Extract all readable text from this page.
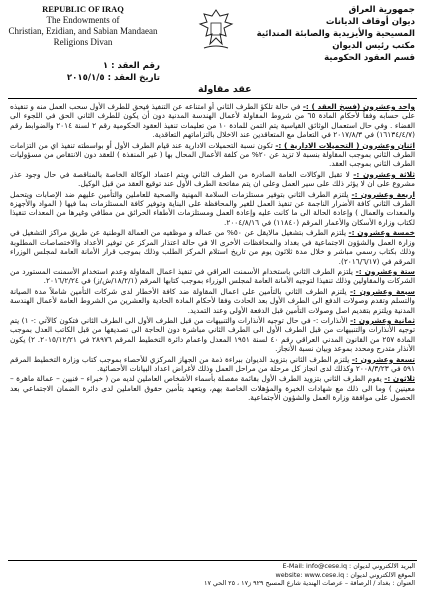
REPUBLIC OF IRAQ
The Endowments of
Christian, Ezidian, and Sabian Mandaean
Religions Divan
جمهورية العراق
ديوان أوقاف الديانات
المسيحية والأيزيدية والصابئة المندائية
مكتب رئيس الديوان
قسم العقود الحكومية
رقم العقد : ١
تاريخ العقد : ٢٠١٥/١/٥
عقد مقاولة

واحد وعشرون (فسخ العقد ) :- في حالة تلكؤ الطرف الثاني أو امتناعه عن التنفيذ فيحق للطرف الأول سحب العمل منه و تنفيذه على حسابه وفقاً لأحكام المادة ٦٥ من شروط المقاولة لأعمال الهندسة المدنية دون أن يكون للطرف الثاني الحق في اللجوء الى القضاء . وفي حال استعمال الوثائق القياسية يتم التمن للمادة ١٠ من تعليمات تنفيذ العقود الحكومية رقم ٢ لسنة ٢٠١٤ والضوابط رقم (١٦١٣٤/٤/٧) في ٢٠١٧/٨/٣ في التعامل مع المتعاقدين عند الاخلال بالتزاماتهم التعاقدية.

اثنان وعشرون ( التحميلات الادارية ) :- تكون نسبة التحميلات الادارية عند قيام الطرف الأول أو بواسطته تنفيذ اي من التزامات الطرف الثاني بموجب المقاولة بنسبة لا تزيد عن ٢٠% من كلفة الأعمال المحال بها ( غير المنفذة ) للعقد دون الانتقاص من مسؤوليات الطرف الثاني بموجب العقد.

ثلاثة وعشرون :- لا تقبل الوكالات العامة الصادرة من الطرف الثاني ويتم اعتماد الوكالة الخاصة بالمناقصة في حال وجود عذر مشروع على ان لا يؤثر ذلك على سير العمل وعلى ان يتم مفاتحة الطرف الأول عند توقيع العقد من قبل الوكيل.

اربعة وعشرون :- يلتزم الطرف الثاني بتوفير مستلزمات السلامة المهنية والصحية للعاملين والتأمين عليهم ضد الإصابات ويتحمل الطرف الثاني كافة الأضرار الناجمة عن تنفيذ العمل للغير والمحافظة على البناية وتوفير كافة المستلزمات بما فيها ( المواد والأجهزة والمعدات والعمال ) وإعادة الحالة الى ما كانت عليه وإعادة العمل ومستلزمات الأطفاء الحرائق من مطافي وغيرها من المعدات تنفيذا لكتاب وزارة الأسكان والأعمار المرقم (١١٨٤٠) في ٢٠٠٤/٨/١٦.

خمسة وعشرون :- يلتزم الطرف بتشغيل مالايقل عن ٥٠% من عماله و موظفيه من العمالة الوطنية عن طريق مراكز التشغيل في وزارة العمل والشؤون الاجتماعية في بغداد والمحافظات الأخرى الا في حالة اعتذار المركز عن توفير الأعداد والاختصاصات المطلوبة وذلك بكتاب رسمي مباشر و خلال مدة ثلاثون يوم من تاريخ استلام المركز الطلب وذلك بموجب قرار الأمانة العامة لمجلس الوزراء المرقم في (٢٠١٦/٦/١٧).

ستة وعشرون :- يلتزم الطرف الثاني باستخدام الأسمنت العراقي في تنفيذ اعمال المقاولة وعدم استخدام الأسمنت المستورد من الشركات والمقاولين وذلك تنفيذا لتوجيه الأمانة العامة لمجلس الوزراء بموجب كتابها المرقم (١٨/٢/١/ش/ز) في ٢٠١٦/٢/٢٤.

سبعة وعشرون :- يلتزم الطرف الثاني بالتأمين على اعمال المقاولة ضد كافة الأخطار لدى شركات التأمين شاملاً مدة الصيانة والتسلم وتقدم وصولات الدفع الى الطرف الأول بعد الحادث وفقا لأحكام المادة الحادية والعشرين من الشروط العامة لأعمال الهندسة المدنية ويلتزم بتقديم اصل وصولات التأمين قبل الدفعة الأولى وعند التمديد.

ثمانية وعشرون :- الأنذارات :- في حال توجيه الأنذارات والتنبيهات من قبل الطرف الأول الى الطرف الثاني فتكون كالآتي :- ١) يتم توجيه الأنذارات والتنبيهات من قبل الطرف الأول الى الطرف الثاني مباشرة دون الحاجة الى تصديقها من قبل الكاتب العدل بموجب المادة ٢٥٧ من القانون المدني العراقي رقم ٤٠ لسنة ١٩٥١ المعدل واعمام دائرة التخطيط المرقم ٢٨٩٧٦ في ٢٠١٥/١٢/٢١. ٢) يكون الأنذار متدرج ومحدد بموعد وبيان نسبة الأنجاز.

تسعة وعشرون :- يلتزم الطرف الثاني بتزويد الديوان ببراءة ذمة من الجهاز المركزي للأحصاء بموجب كتاب وزارة التخطيط المرقم ٥٩١ في ٢٠٠٨/٣/٢٣ وكذلك لدى انجاز كل مرحلة من مراحل العمل وذلك لأغراض اعداد البيانات الأحصائية.

ثلاثون :- يقوم الطرف الثاني بتزويد الطرف الأول بقائمة مفصلة بأسماء الأشخاص العاملين لديه من ( خبراء – فنيين – عمالة ماهرة – معينين ) وما الى ذلك مع شهادات الخبرة والمؤهلات الخاصة بهم، ويتعهد بتأمين حقوق العاملين لدى دائرة الضمان الاجتماعي بعد الحصول على موافقة وزارة العمل والشؤون الأجتماعية.

البريد الالكتروني لديوان : E-Mail: info@cese.iq
الموقع الالكتروني لديوان : website: www.cese.iq
العنوان : بغداد / الرصافة – عرصات الهندية شارع المسبح ٩٢٩ ز١٧ ، ٢٥ الحي ١٧
